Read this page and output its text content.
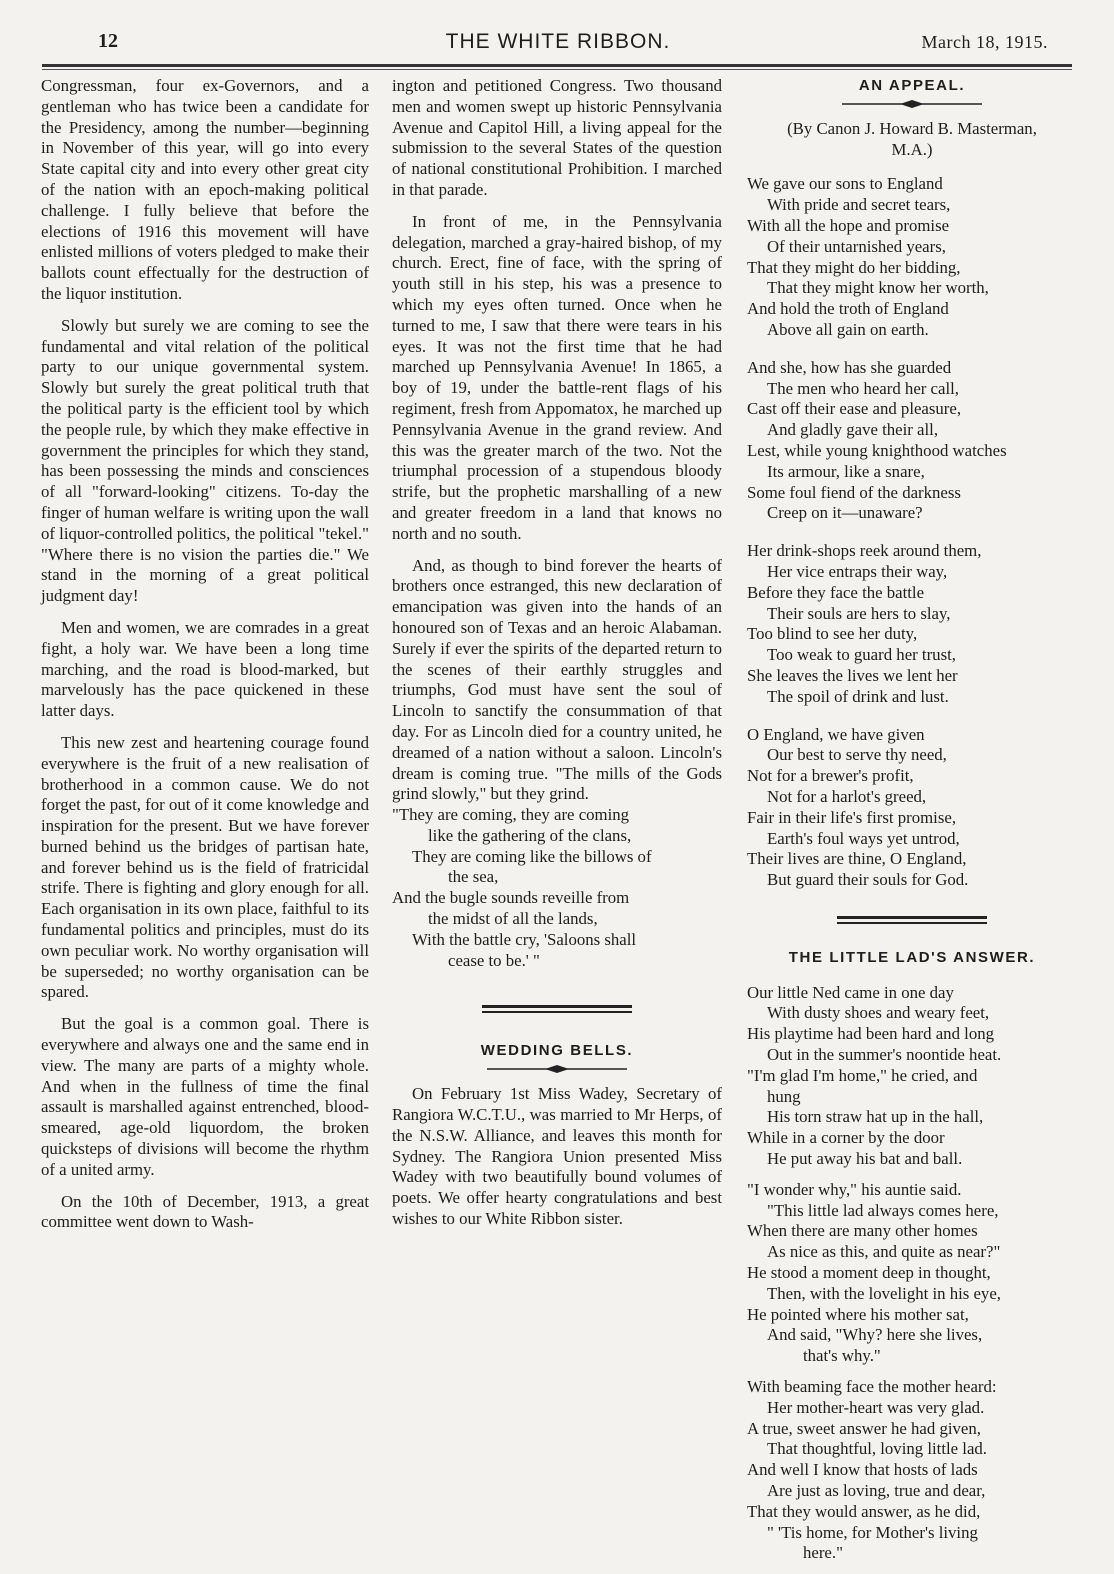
12	THE WHITE RIBBON.	March 18, 1915.

Congressman, four ex-Governors, and a gentleman who has twice been a candidate for the Presidency, among the number—beginning in November of this year, will go into every State capital city and into every other great city of the nation with an epoch-making political challenge. I fully believe that before the elections of 1916 this movement will have enlisted millions of voters pledged to make their ballots count effectually for the destruction of the liquor institution.

Slowly but surely we are coming to see the fundamental and vital relation of the political party to our unique governmental system. Slowly but surely the great political truth that the political party is the efficient tool by which the people rule, by which they make effective in government the principles for which they stand, has been possessing the minds and consciences of all "forward-looking" citizens. To-day the finger of human welfare is writing upon the wall of liquor-controlled politics, the political "tekel." "Where there is no vision the parties die." We stand in the morning of a great political judgment day!

Men and women, we are comrades in a great fight, a holy war. We have been a long time marching, and the road is blood-marked, but marvelously has the pace quickened in these latter days.

This new zest and heartening courage found everywhere is the fruit of a new realisation of brotherhood in a common cause. We do not forget the past, for out of it come knowledge and inspiration for the present. But we have forever burned behind us the bridges of partisan hate, and forever behind us is the field of fratricidal strife. There is fighting and glory enough for all. Each organisation in its own place, faithful to its fundamental politics and principles, must do its own peculiar work. No worthy organisation will be superseded; no worthy organisation can be spared.

But the goal is a common goal. There is everywhere and always one and the same end in view. The many are parts of a mighty whole. And when in the fullness of time the final assault is marshalled against entrenched, blood-smeared, age-old liquordom, the broken quicksteps of divisions will become the rhythm of a united army.

On the 10th of December, 1913, a great committee went down to Wash-

ington and petitioned Congress. Two thousand men and women swept up historic Pennsylvania Avenue and Capitol Hill, a living appeal for the submission to the several States of the question of national constitutional Prohibition. I marched in that parade.

In front of me, in the Pennsylvania delegation, marched a gray-haired bishop, of my church. Erect, fine of face, with the spring of youth still in his step, his was a presence to which my eyes often turned. Once when he turned to me, I saw that there were tears in his eyes. It was not the first time that he had marched up Pennsylvania Avenue! In 1865, a boy of 19, under the battle-rent flags of his regiment, fresh from Appomatox, he marched up Pennsylvania Avenue in the grand review. And this was the greater march of the two. Not the triumphal procession of a stupendous bloody strife, but the prophetic marshalling of a new and greater freedom in a land that knows no north and no south.

And, as though to bind forever the hearts of brothers once estranged, this new declaration of emancipation was given into the hands of an honoured son of Texas and an heroic Alabaman. Surely if ever the spirits of the departed return to the scenes of their earthly struggles and triumphs, God must have sent the soul of Lincoln to sanctify the consummation of that day. For as Lincoln died for a country united, he dreamed of a nation without a saloon. Lincoln's dream is coming true. "The mills of the Gods grind slowly," but they grind.

"They are coming, they are coming
like the gathering of the clans,
They are coming like the billows of
the sea,
And the bugle sounds reveille from
the midst of all the lands,
With the battle cry, 'Saloons shall
cease to be.' "

WEDDING BELLS.

On February 1st Miss Wadey, Secretary of Rangiora W.C.T.U., was married to Mr Herps, of the N.S.W. Alliance, and leaves this month for Sydney. The Rangiora Union presented Miss Wadey with two beautifully bound volumes of poets. We offer hearty congratulations and best wishes to our White Ribbon sister.

AN APPEAL.

(By Canon J. Howard B. Masterman,
M.A.)
We gave our sons to England
With pride and secret tears,
With all the hope and promise
Of their untarnished years,
That they might do her bidding,
That they might know her worth,
And hold the troth of England
Above all gain on earth.
And she, how has she guarded
The men who heard her call,
Cast off their ease and pleasure,
And gladly gave their all,
Lest, while young knighthood watches
Its armour, like a snare,
Some foul fiend of the darkness
Creep on it—unaware?
Her drink-shops reek around them,
Her vice entraps their way,
Before they face the battle
Their souls are hers to slay,
Too blind to see her duty,
Too weak to guard her trust,
She leaves the lives we lent her
The spoil of drink and lust.
O England, we have given
Our best to serve thy need,
Not for a brewer's profit,
Not for a harlot's greed,
Fair in their life's first promise,
Earth's foul ways yet untrod,
Their lives are thine, O England,
But guard their souls for God.

THE LITTLE LAD'S ANSWER.

Our little Ned came in one day
With dusty shoes and weary feet,
His playtime had been hard and long
Out in the summer's noontide heat.
"I'm glad I'm home," he cried, and
hung
His torn straw hat up in the hall,
While in a corner by the door
He put away his bat and ball.
"I wonder why," his auntie said.
"This little lad always comes here,
When there are many other homes
As nice as this, and quite as near?"
He stood a moment deep in thought,
Then, with the lovelight in his eye,
He pointed where his mother sat,
And said, "Why? here she lives,
that's why."
With beaming face the mother heard:
Her mother-heart was very glad.
A true, sweet answer he had given,
That thoughtful, loving little lad.
And well I know that hosts of lads
Are just as loving, true and dear,
That they would answer, as he did,
" 'Tis home, for Mother's living
here."
